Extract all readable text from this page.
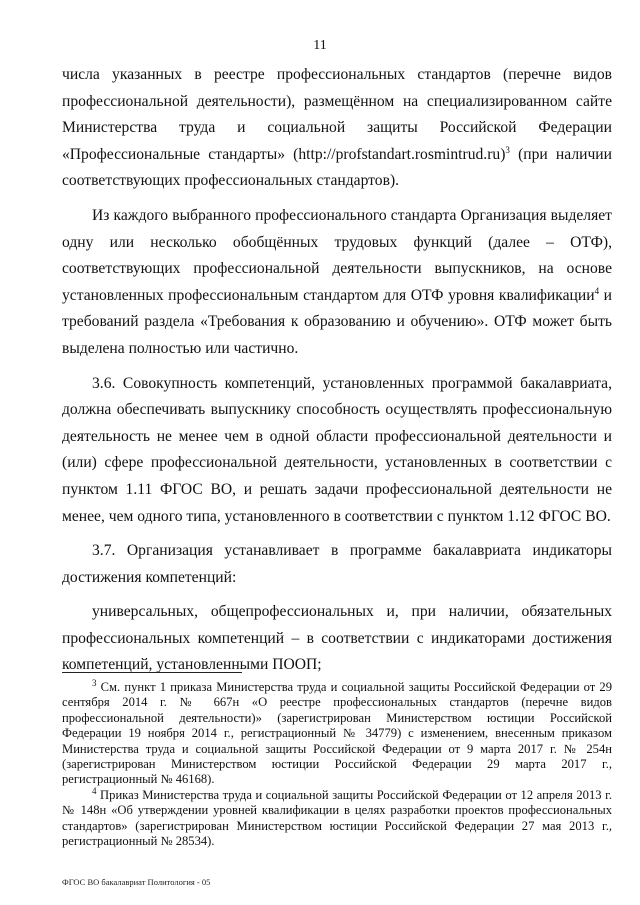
11

числа указанных в реестре профессиональных стандартов (перечне видов профессиональной деятельности), размещённом на специализированном сайте Министерства труда и социальной защиты Российской Федерации «Профессиональные стандарты» (http://profstandart.rosmintrud.ru)$^3$ (при наличии соответствующих профессиональных стандартов).

Из каждого выбранного профессионального стандарта Организация выделяет одну или несколько обобщённых трудовых функций (далее – ОТФ), соответствующих профессиональной деятельности выпускников, на основе установленных профессиональным стандартом для ОТФ уровня квалификации$^4$ и требований раздела «Требования к образованию и обучению». ОТФ может быть выделена полностью или частично.

3.6. Совокупность компетенций, установленных программой бакалавриата, должна обеспечивать выпускнику способность осуществлять профессиональную деятельность не менее чем в одной области профессиональной деятельности и (или) сфере профессиональной деятельности, установленных в соответствии с пунктом 1.11 ФГОС ВО, и решать задачи профессиональной деятельности не менее, чем одного типа, установленного в соответствии с пунктом 1.12 ФГОС ВО.

3.7. Организация устанавливает в программе бакалавриата индикаторы достижения компетенций:

универсальных, общепрофессиональных и, при наличии, обязательных профессиональных компетенций – в соответствии с индикаторами достижения компетенций, установленными ПООП;

$^3$ См. пункт 1 приказа Министерства труда и социальной защиты Российской Федерации от 29 сентября 2014 г. № 667н «О реестре профессиональных стандартов (перечне видов профессиональной деятельности)» (зарегистрирован Министерством юстиции Российской Федерации 19 ноября 2014 г., регистрационный № 34779) с изменением, внесенным приказом Министерства труда и социальной защиты Российской Федерации от 9 марта 2017 г. № 254н (зарегистрирован Министерством юстиции Российской Федерации 29 марта 2017 г., регистрационный № 46168).

$^4$ Приказ Министерства труда и социальной защиты Российской Федерации от 12 апреля 2013 г. № 148н «Об утверждении уровней квалификации в целях разработки проектов профессиональных стандартов» (зарегистрирован Министерством юстиции Российской Федерации 27 мая 2013 г., регистрационный № 28534).

ФГОС ВО бакалавриат Политология - 05
